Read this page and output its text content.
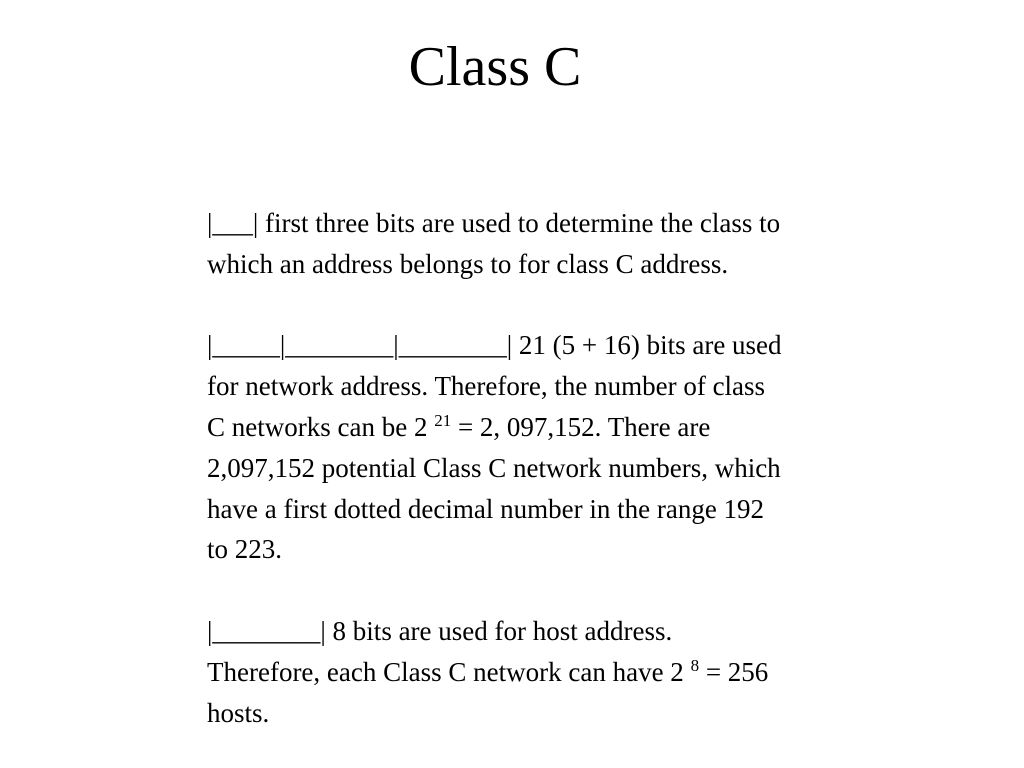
Class C

|___| first three bits are used to determine the class to
which an address belongs to for class C address.

|_____|________|________| 21 (5 + 16) bits are used
for network address. Therefore, the number of class
C networks can be 2 $^{21}$ = 2, 097,152. There are
2,097,152 potential Class C network numbers, which
have a first dotted decimal number in the range 192
to 223.

|________| 8 bits are used for host address.
Therefore, each Class C network can have 2 $^8$ = 256
hosts.
